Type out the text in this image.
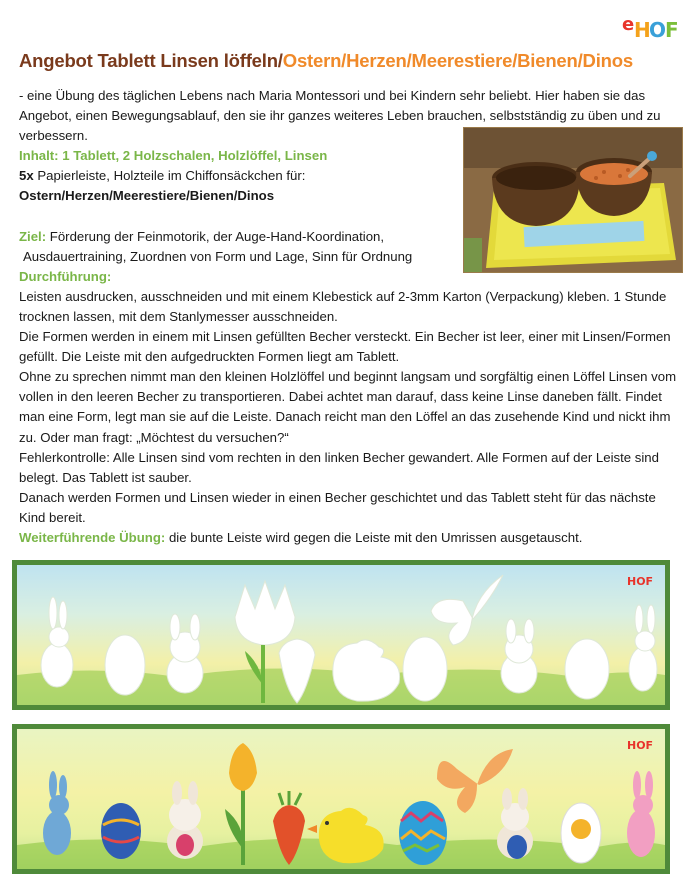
e H
O
F
Angebot Tablett Linsen löffeln/Ostern/Herzen/Meerestiere/Bienen/Dinos

- eine Übung des täglichen Lebens nach Maria Montessori und bei Kindern sehr beliebt. Hier haben sie das Angebot, einen Bewegungsablauf, den sie ihr ganzes weiteres Leben brauchen, selbstständig zu üben und zu verbessern.

Inhalt: 1 Tablett, 2 Holzschalen, Holzlöffel, Linsen

5x Papierleiste, Holzteile im Chiffonsäckchen für:

Ostern/Herzen/Meerestiere/Bienen/Dinos

Ziel: Förderung der Feinmotorik, der Auge-Hand-Koordination,

Ausdauertraining, Zuordnen von Form und Lage, Sinn für Ordnung

Durchführung:

Leisten ausdrucken, ausschneiden und mit einem Klebestick auf 2-3mm Karton (Verpackung) kleben. 1 Stunde trocknen lassen, mit dem Stanlymesser ausschneiden.

Die Formen werden in einem mit Linsen gefüllten Becher versteckt. Ein Becher ist leer, einer mit Linsen/Formen gefüllt. Die Leiste mit den aufgedruckten Formen liegt am Tablett.

Ohne zu sprechen nimmt man den kleinen Holzlöffel und beginnt langsam und sorgfältig einen Löffel Linsen vom vollen in den leeren Becher zu transportieren. Dabei achtet man darauf, dass keine Linse daneben fällt. Findet man eine Form, legt man sie auf die Leiste. Danach reicht man den Löffel an das zusehende Kind und nickt ihm zu. Oder man fragt: „Möchtest du versuchen?“

Fehlerkontrolle: Alle Linsen sind vom rechten in den linken Becher gewandert. Alle Formen auf der Leiste sind belegt. Das Tablett ist sauber.

Danach werden Formen und Linsen wieder in einen Becher geschichtet und das Tablett steht für das nächste Kind bereit.

Weiterführende Übung: die bunte Leiste wird gegen die Leiste mit den Umrissen ausgetauscht.

HOF
HOF
